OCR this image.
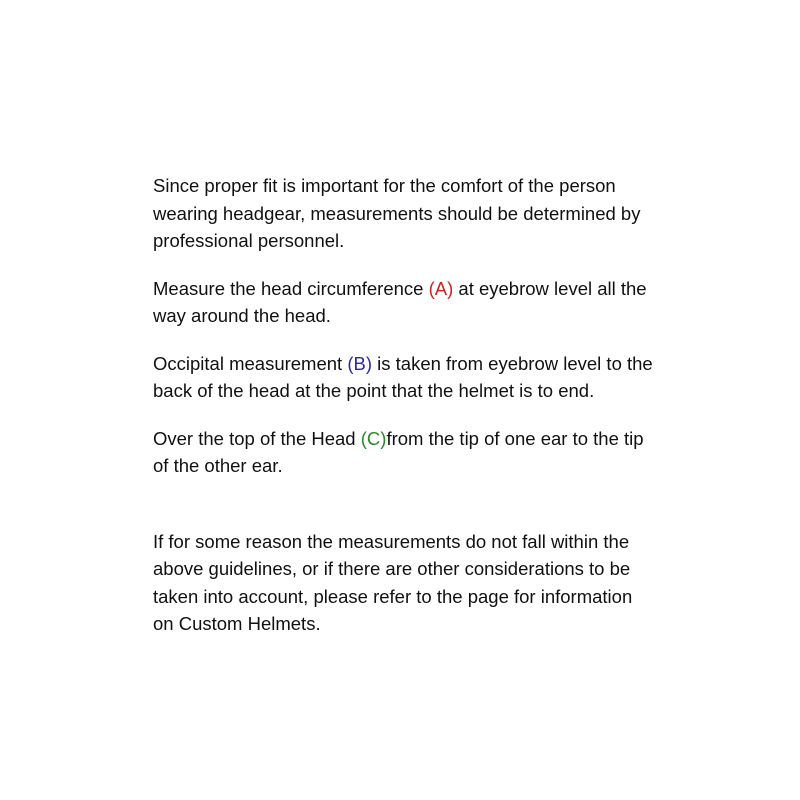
Since proper fit is important for the comfort of the person wearing headgear, measurements should be determined by professional personnel.

Measure the head circumference (A) at eyebrow level all the way around the head.

Occipital measurement (B) is taken from eyebrow level to the back of the head at the point that the helmet is to end.

Over the top of the Head (C)from the tip of one ear to the tip of the other ear.

If for some reason the measurements do not fall within the above guidelines, or if there are other considerations to be taken into account, please refer to the page for information on Custom Helmets.
